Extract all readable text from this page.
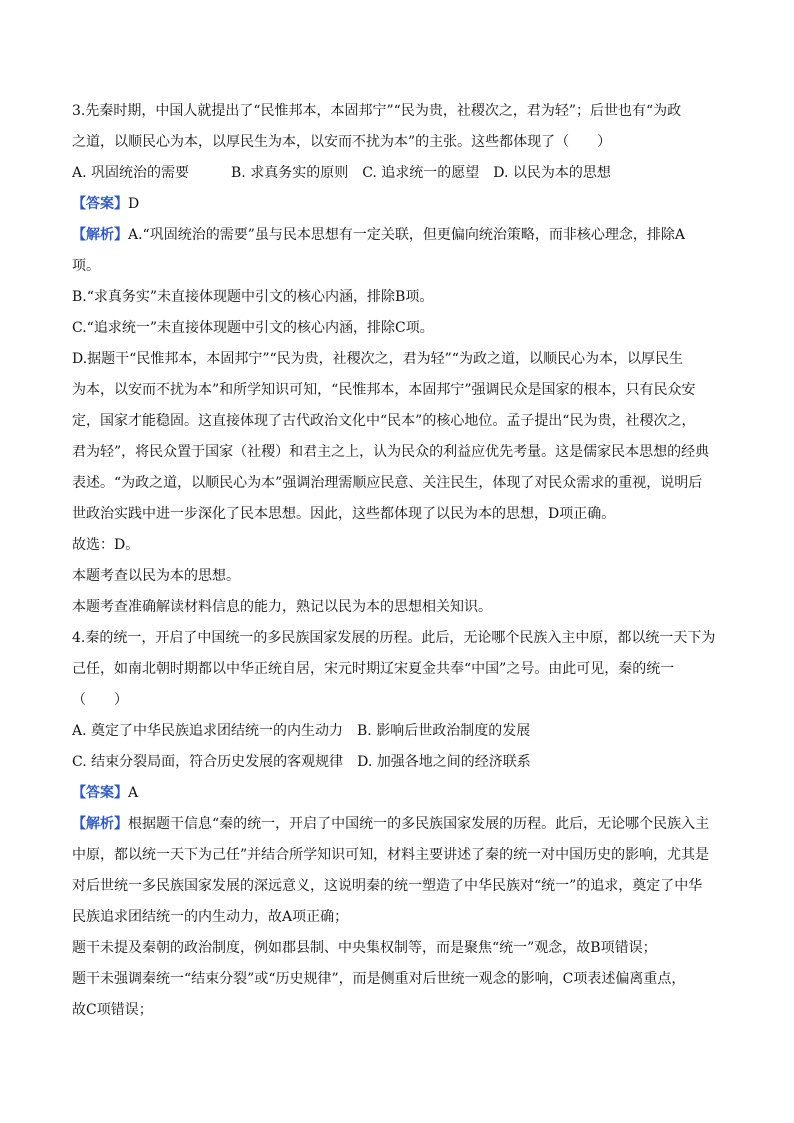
3.先秦时期，中国人就提出了“民惟邦本，本固邦宁”“民为贵，社稷次之，君为轻”；后世也有“为政
之道，以顺民心为本，以厚民生为本，以安而不扰为本”的主张。这些都体现了（　　）
A. 巩固统治的需要　　　B. 求真务实的原则　C. 追求统一的愿望　D. 以民为本的思想
【答案】D
【解析】A.“巩固统治的需要”虽与民本思想有一定关联，但更偏向统治策略，而非核心理念，排除A
项。
B.“求真务实”未直接体现题中引文的核心内涵，排除B项。
C.“追求统一”未直接体现题中引文的核心内涵，排除C项。
D.据题干“民惟邦本，本固邦宁”“民为贵，社稷次之，君为轻”“为政之道，以顺民心为本，以厚民生
为本，以安而不扰为本”和所学知识可知，“民惟邦本，本固邦宁”强调民众是国家的根本，只有民众安
定，国家才能稳固。这直接体现了古代政治文化中“民本”的核心地位。孟子提出“民为贵，社稷次之，
君为轻”，将民众置于国家（社稷）和君主之上，认为民众的利益应优先考量。这是儒家民本思想的经典
表述。“为政之道，以顺民心为本”强调治理需顺应民意、关注民生，体现了对民众需求的重视，说明后
世政治实践中进一步深化了民本思想。因此，这些都体现了以民为本的思想，D项正确。
故选：D。
本题考查以民为本的思想。
本题考查准确解读材料信息的能力，熟记以民为本的思想相关知识。
4.秦的统一，开启了中国统一的多民族国家发展的历程。此后，无论哪个民族入主中原，都以统一天下为
己任，如南北朝时期都以中华正统自居，宋元时期辽宋夏金共奉“中国”之号。由此可见，秦的统一
（　　）
A. 奠定了中华民族追求团结统一的内生动力　B. 影响后世政治制度的发展
C. 结束分裂局面，符合历史发展的客观规律　D. 加强各地之间的经济联系
【答案】A
【解析】根据题干信息“秦的统一，开启了中国统一的多民族国家发展的历程。此后，无论哪个民族入主
中原，都以统一天下为己任”并结合所学知识可知，材料主要讲述了秦的统一对中国历史的影响，尤其是
对后世统一多民族国家发展的深远意义，这说明秦的统一塑造了中华民族对“统一”的追求，奠定了中华
民族追求团结统一的内生动力，故A项正确；
题干未提及秦朝的政治制度，例如郡县制、中央集权制等，而是聚焦“统一”观念，故B项错误；
题干未强调秦统一“结束分裂”或“历史规律”，而是侧重对后世统一观念的影响，C项表述偏离重点，
故C项错误；
